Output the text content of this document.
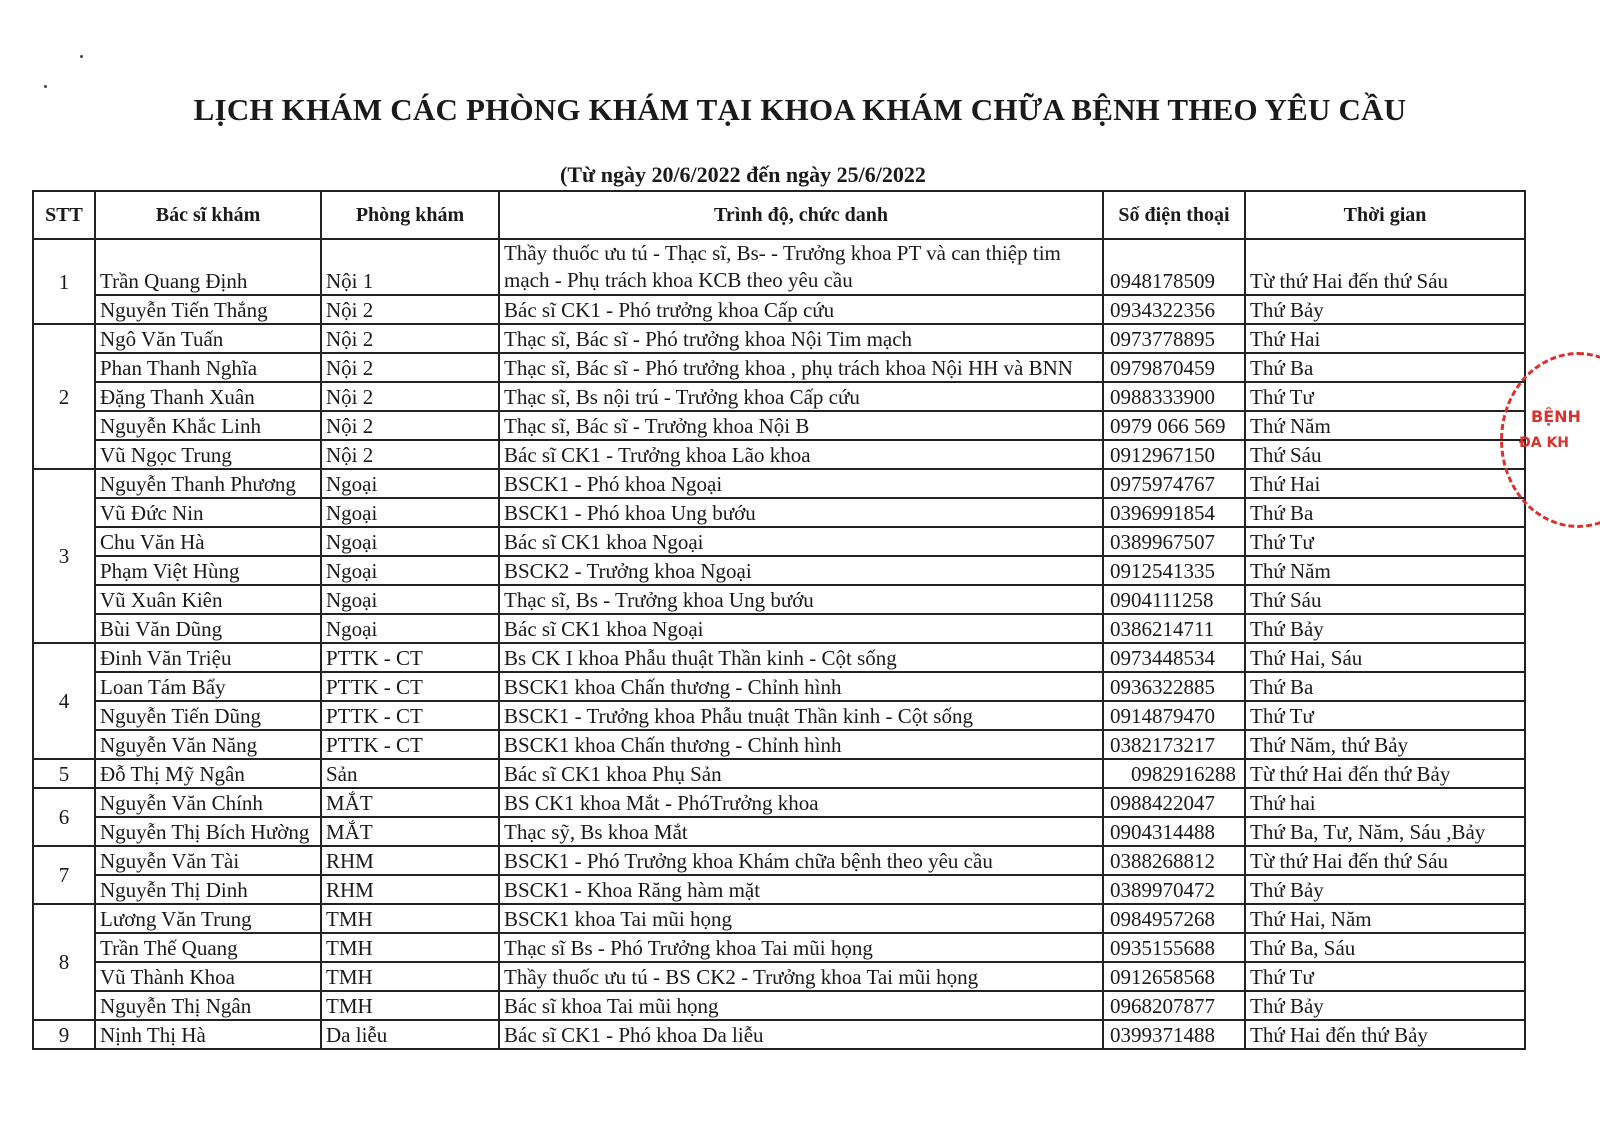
LỊCH KHÁM CÁC PHÒNG KHÁM TẠI KHOA KHÁM CHỮA BỆNH THEO YÊU CẦU
(Từ ngày 20/6/2022 đến ngày 25/6/2022
STT	Bác sĩ khám	Phòng khám	Trình độ, chức danh	Số điện thoại	Thời gian
1	Trần Quang Định	Nội 1	Thầy thuốc ưu tú - Thạc sĩ, Bs- - Trưởng khoa PT và can thiệp tim mạch - Phụ trách khoa KCB theo yêu cầu	0948178509	Từ thứ Hai đến thứ Sáu
	Nguyễn Tiến Thắng	Nội 2	Bác sĩ CK1 - Phó trưởng khoa Cấp cứu	0934322356	Thứ Bảy
2	Ngô Văn Tuấn	Nội 2	Thạc sĩ, Bác sĩ - Phó trưởng khoa Nội Tim mạch	0973778895	Thứ Hai
	Phan Thanh Nghĩa	Nội 2	Thạc sĩ, Bác sĩ - Phó trưởng khoa , phụ trách khoa Nội HH và BNN	0979870459	Thứ Ba
	Đặng Thanh Xuân	Nội 2	Thạc sĩ, Bs nội trú - Trưởng khoa Cấp cứu	0988333900	Thứ Tư
	Nguyễn Khắc Linh	Nội 2	Thạc sĩ, Bác sĩ - Trưởng khoa Nội B	0979 066 569	Thứ Năm
	Vũ Ngọc Trung	Nội 2	Bác sĩ CK1 - Trưởng khoa Lão khoa	0912967150	Thứ Sáu
3	Nguyễn Thanh Phương	Ngoại	BSCK1 - Phó khoa Ngoại	0975974767	Thứ Hai
	Vũ Đức Nin	Ngoại	BSCK1 - Phó khoa Ung bướu	0396991854	Thứ Ba
	Chu Văn Hà	Ngoại	Bác sĩ CK1 khoa Ngoại	0389967507	Thứ Tư
	Phạm Việt Hùng	Ngoại	BSCK2 - Trưởng khoa Ngoại	0912541335	Thứ Năm
	Vũ Xuân Kiên	Ngoại	Thạc sĩ, Bs - Trưởng khoa Ung bướu	0904111258	Thứ Sáu
	Bùi Văn Dũng	Ngoại	Bác sĩ CK1 khoa Ngoại	0386214711	Thứ Bảy
4	Đinh Văn Triệu	PTTK - CT	Bs CK I khoa Phẫu thuật Thần kinh - Cột sống	0973448534	Thứ Hai, Sáu
	Loan Tám Bẩy	PTTK - CT	BSCK1 khoa Chấn thương - Chỉnh hình	0936322885	Thứ Ba
	Nguyễn Tiến Dũng	PTTK - CT	BSCK1 - Trưởng khoa Phẫu tnuật Thần kinh - Cột sống	0914879470	Thứ Tư
	Nguyễn Văn Năng	PTTK - CT	BSCK1 khoa Chấn thương - Chỉnh hình	0382173217	Thứ Năm, thứ Bảy
5	Đỗ Thị Mỹ Ngân	Sản	Bác sĩ CK1 khoa Phụ Sản	0982916288	Từ thứ Hai đến thứ Bảy
6	Nguyễn Văn Chính	MẮT	BS CK1 khoa Mắt - PhóTrưởng khoa	0988422047	Thứ hai
	Nguyễn Thị Bích Hường	MẮT	Thạc sỹ, Bs khoa Mắt	0904314488	Thứ Ba, Tư, Năm, Sáu ,Bảy
7	Nguyễn Văn Tài	RHM	BSCK1 - Phó Trưởng khoa Khám chữa bệnh theo yêu cầu	0388268812	Từ thứ Hai đến thứ Sáu
	Nguyễn Thị Dinh	RHM	BSCK1 - Khoa Răng hàm mặt	0389970472	Thứ Bảy
8	Lương Văn Trung	TMH	BSCK1 khoa Tai mũi họng	0984957268	Thứ Hai, Năm
	Trần Thế Quang	TMH	Thạc sĩ Bs - Phó Trưởng khoa Tai mũi họng	0935155688	Thứ Ba, Sáu
	Vũ Thành Khoa	TMH	Thầy thuốc ưu tú - BS CK2 - Trưởng khoa Tai mũi họng	0912658568	Thứ Tư
	Nguyễn Thị Ngân	TMH	Bác sĩ khoa Tai mũi họng	0968207877	Thứ Bảy
9	Nịnh Thị Hà	Da liễu	Bác sĩ CK1 - Phó khoa Da liễu	0399371488	Thứ Hai đến thứ Bảy
BỆNH
ĐA KH
